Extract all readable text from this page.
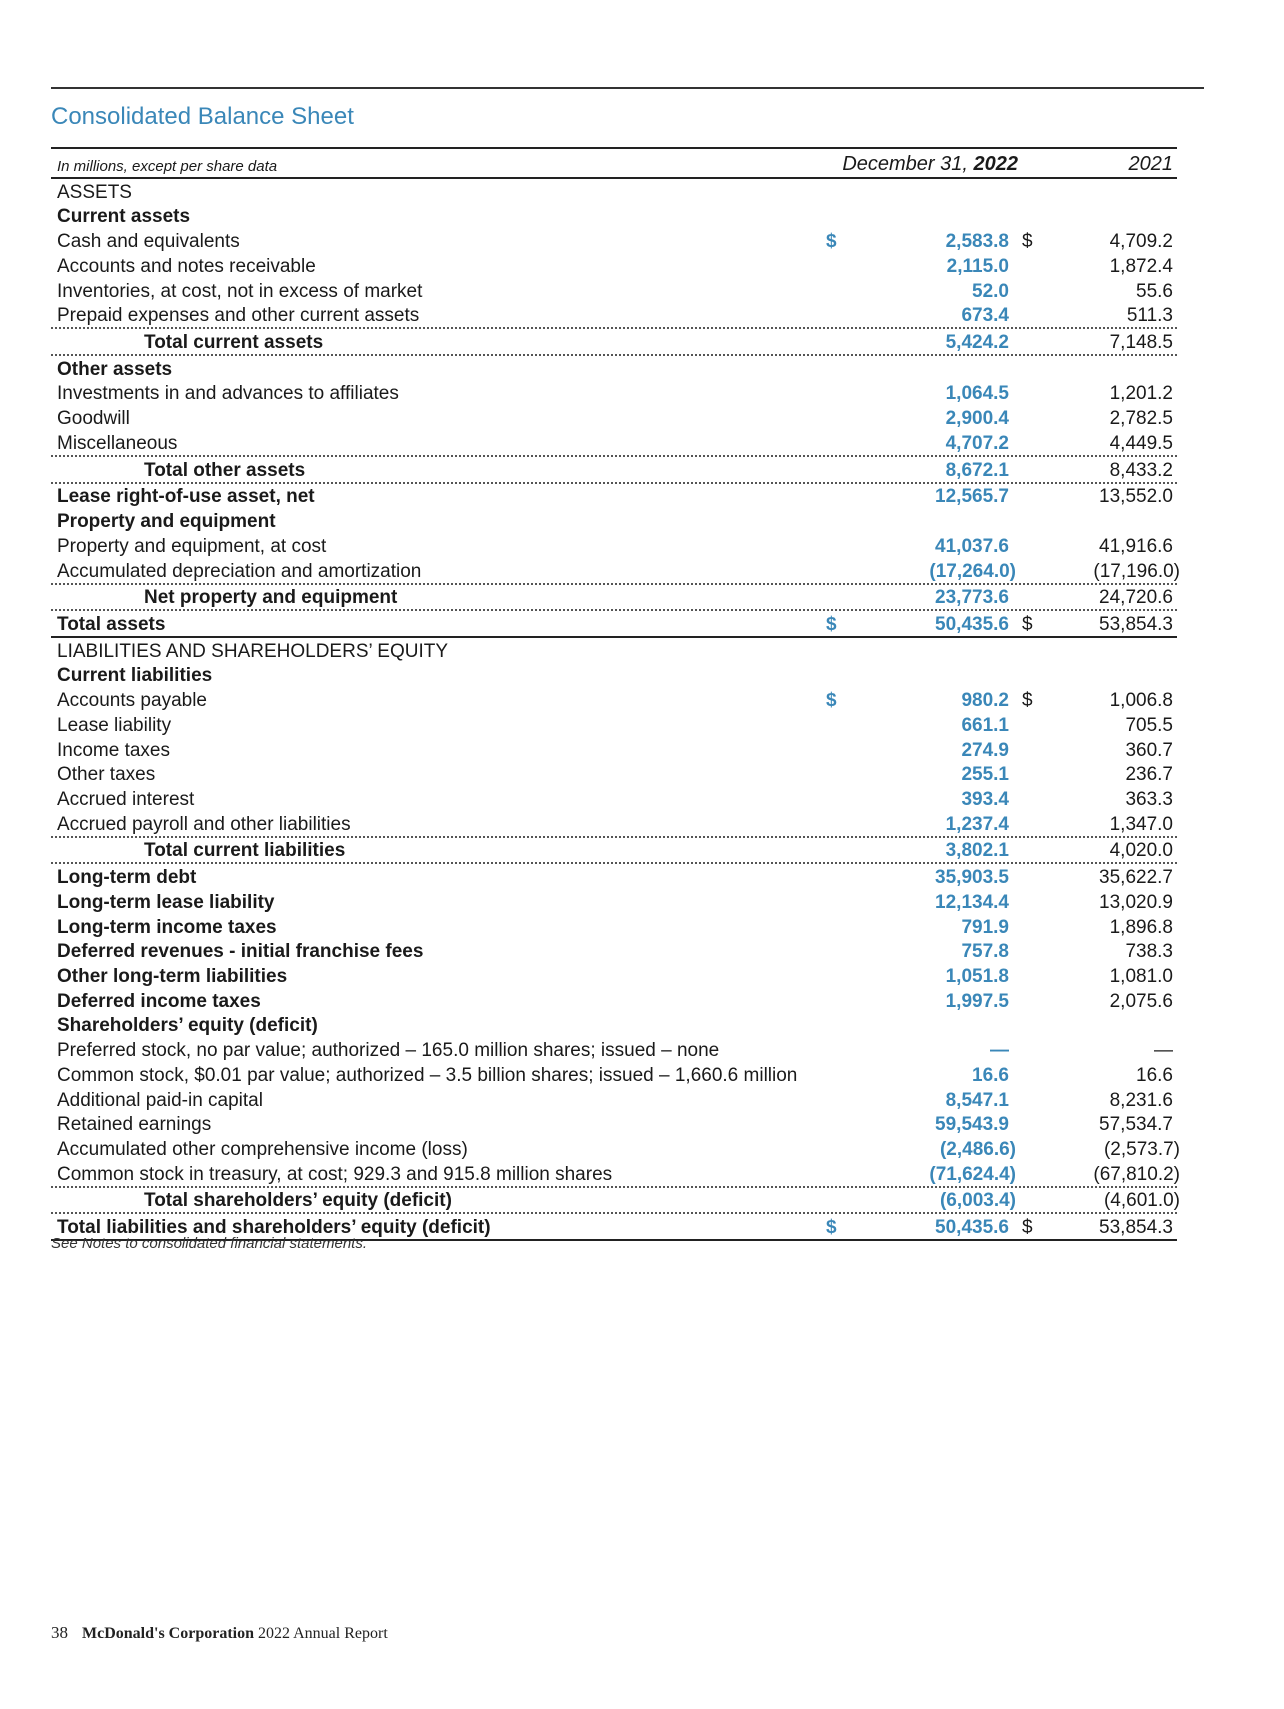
Consolidated Balance Sheet
In millions, except per share data	December 31, 2022	2021
ASSETS
Current assets
Cash and equivalents	$	2,583.8 $	4,709.2
Accounts and notes receivable	2,115.0	1,872.4
Inventories, at cost, not in excess of market	52.0	55.6
Prepaid expenses and other current assets	673.4	511.3
Total current assets	5,424.2	7,148.5
Other assets
Investments in and advances to affiliates	1,064.5	1,201.2
Goodwill	2,900.4	2,782.5
Miscellaneous	4,707.2	4,449.5
Total other assets	8,672.1	8,433.2
Lease right-of-use asset, net	12,565.7	13,552.0
Property and equipment
Property and equipment, at cost	41,037.6	41,916.6
Accumulated depreciation and amortization	(17,264.0)	(17,196.0)
Net property and equipment	23,773.6	24,720.6
Total assets	$	50,435.6 $	53,854.3
LIABILITIES AND SHAREHOLDERS’ EQUITY
Current liabilities
Accounts payable	$	980.2 $	1,006.8
Lease liability	661.1	705.5
Income taxes	274.9	360.7
Other taxes	255.1	236.7
Accrued interest	393.4	363.3
Accrued payroll and other liabilities	1,237.4	1,347.0
Total current liabilities	3,802.1	4,020.0
Long-term debt	35,903.5	35,622.7
Long-term lease liability	12,134.4	13,020.9
Long-term income taxes	791.9	1,896.8
Deferred revenues - initial franchise fees	757.8	738.3
Other long-term liabilities	1,051.8	1,081.0
Deferred income taxes	1,997.5	2,075.6
Shareholders’ equity (deficit)
Preferred stock, no par value; authorized – 165.0 million shares; issued – none	—	—
Common stock, $0.01 par value; authorized – 3.5 billion shares; issued – 1,660.6 million	16.6	16.6
Additional paid-in capital	8,547.1	8,231.6
Retained earnings	59,543.9	57,534.7
Accumulated other comprehensive income (loss)	(2,486.6)	(2,573.7)
Common stock in treasury, at cost; 929.3 and 915.8 million shares	(71,624.4)	(67,810.2)
Total shareholders’ equity (deficit)	(6,003.4)	(4,601.0)
Total liabilities and shareholders’ equity (deficit)	$	50,435.6 $	53,854.3

See Notes to consolidated financial statements.

38 McDonald's Corporation 2022 Annual Report
